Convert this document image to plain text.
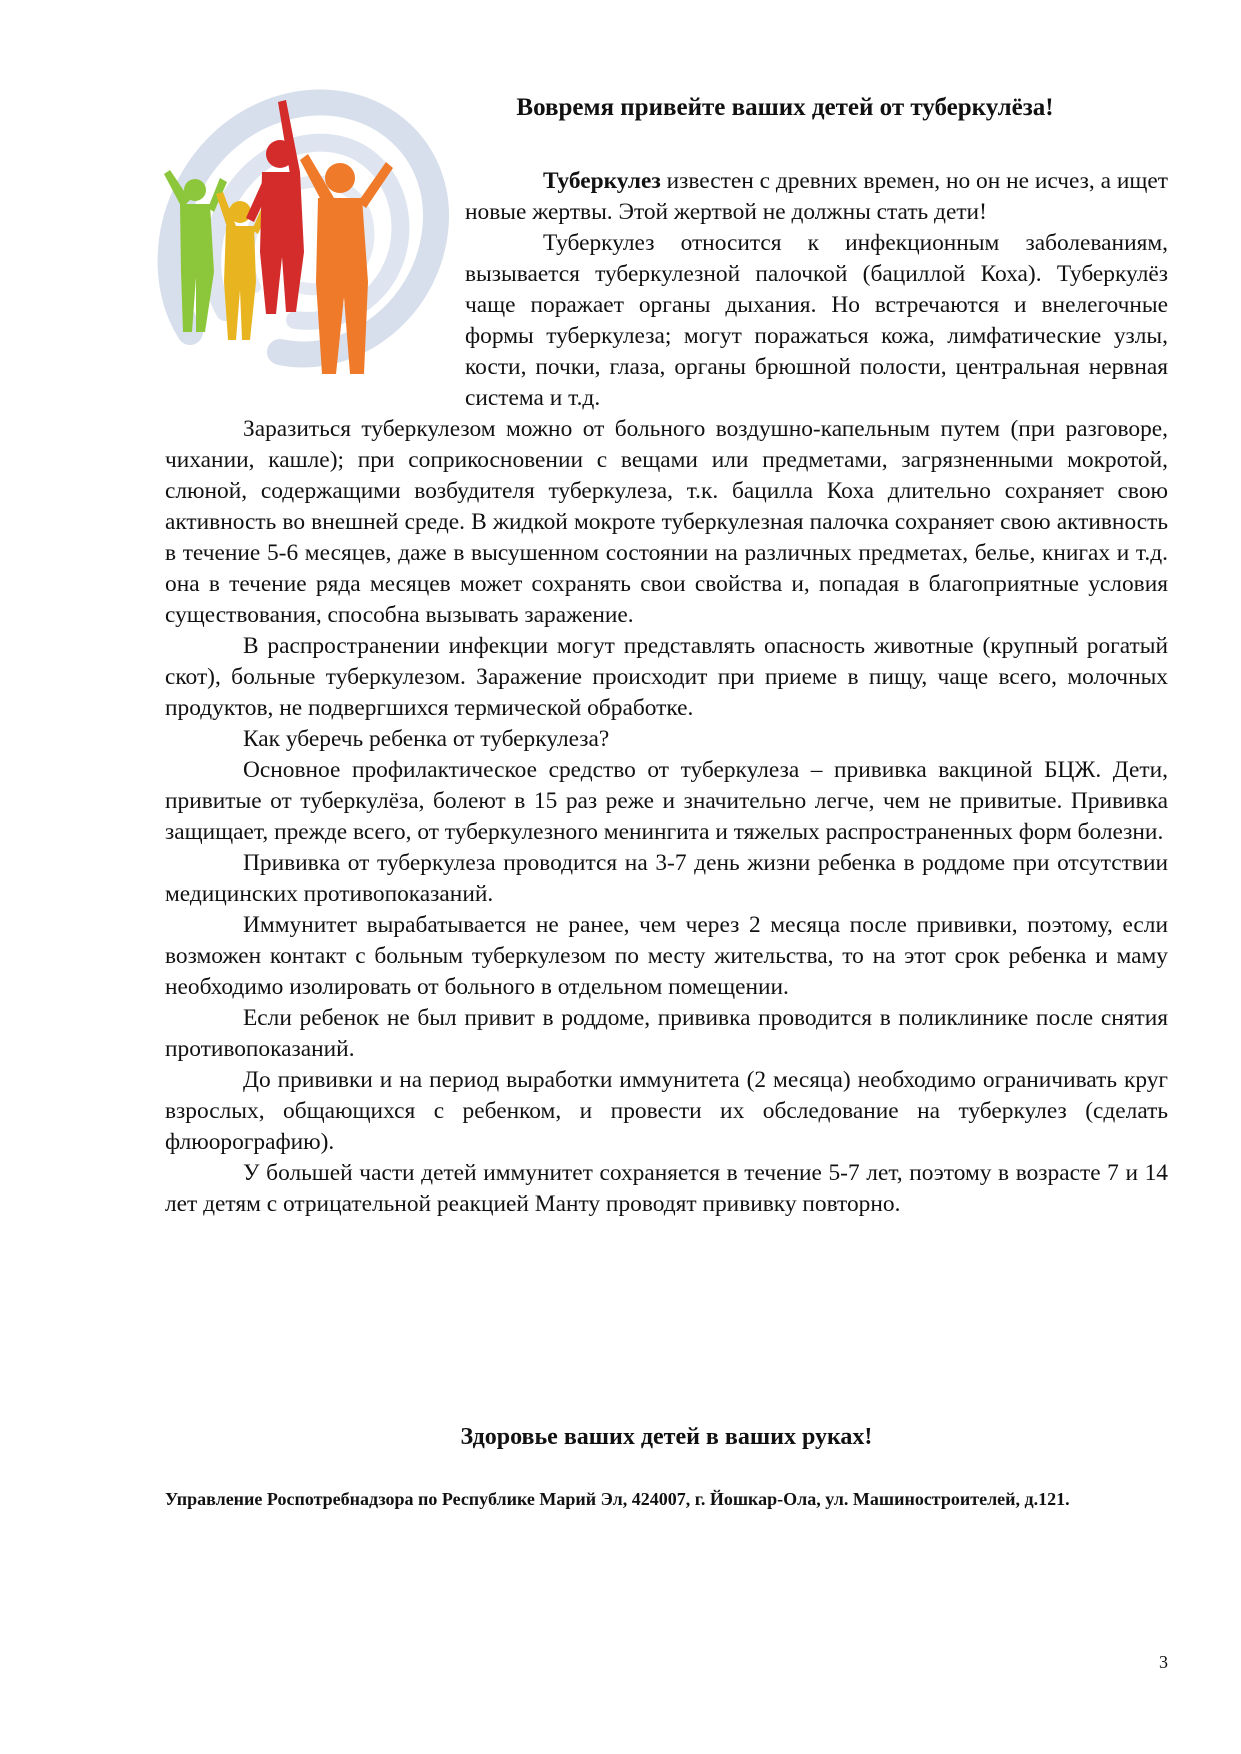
Вовремя привейте ваших детей от туберкулёза!

Туберкулез известен с древних времен, но он не исчез, а ищет новые жертвы. Этой жертвой не должны стать дети!

Туберкулез относится к инфекционным заболеваниям, вызывается туберкулезной палочкой (бациллой Коха). Туберкулёз чаще поражает органы дыхания. Но встречаются и внелегочные формы туберкулеза; могут поражаться кожа, лимфатические узлы, кости, почки, глаза, органы брюшной полости, центральная нервная система и т.д.

Заразиться туберкулезом можно от больного воздушно-капельным путем (при разговоре, чихании, кашле); при соприкосновении с вещами или предметами, загрязненными мокротой, слюной, содержащими возбудителя туберкулеза, т.к. бацилла Коха длительно сохраняет свою активность во внешней среде. В жидкой мокроте туберкулезная палочка сохраняет свою активность в течение 5-6 месяцев, даже в высушенном состоянии на различных предметах, белье, книгах и т.д. она в течение ряда месяцев может сохранять свои свойства и, попадая в благоприятные условия существования, способна вызывать заражение.

В распространении инфекции могут представлять опасность животные (крупный рогатый скот), больные туберкулезом. Заражение происходит при приеме в пищу, чаще всего, молочных продуктов, не подвергшихся термической обработке.

Как уберечь ребенка от туберкулеза?

Основное профилактическое средство от туберкулеза – прививка вакциной БЦЖ. Дети, привитые от туберкулёза, болеют в 15 раз реже и значительно легче, чем не привитые. Прививка защищает, прежде всего, от туберкулезного менингита и тяжелых распространенных форм болезни.

Прививка от туберкулеза проводится на 3-7 день жизни ребенка в роддоме при отсутствии медицинских противопоказаний.

Иммунитет вырабатывается не ранее, чем через 2 месяца после прививки, поэтому, если возможен контакт с больным туберкулезом по месту жительства, то на этот срок ребенка и маму необходимо изолировать от больного в отдельном помещении.

Если ребенок не был привит в роддоме, прививка проводится в поликлинике после снятия противопоказаний.

До прививки и на период выработки иммунитета (2 месяца) необходимо ограничивать круг взрослых, общающихся с ребенком, и провести их обследование на туберкулез (сделать флюорографию).

У большей части детей иммунитет сохраняется в течение 5-7 лет, поэтому в возрасте 7 и 14 лет детям с отрицательной реакцией Манту проводят прививку повторно.

Здоровье ваших детей в ваших руках!

Управление Роспотребнадзора по Республике Марий Эл, 424007, г. Йошкар-Ола, ул. Машиностроителей, д.121.

3
